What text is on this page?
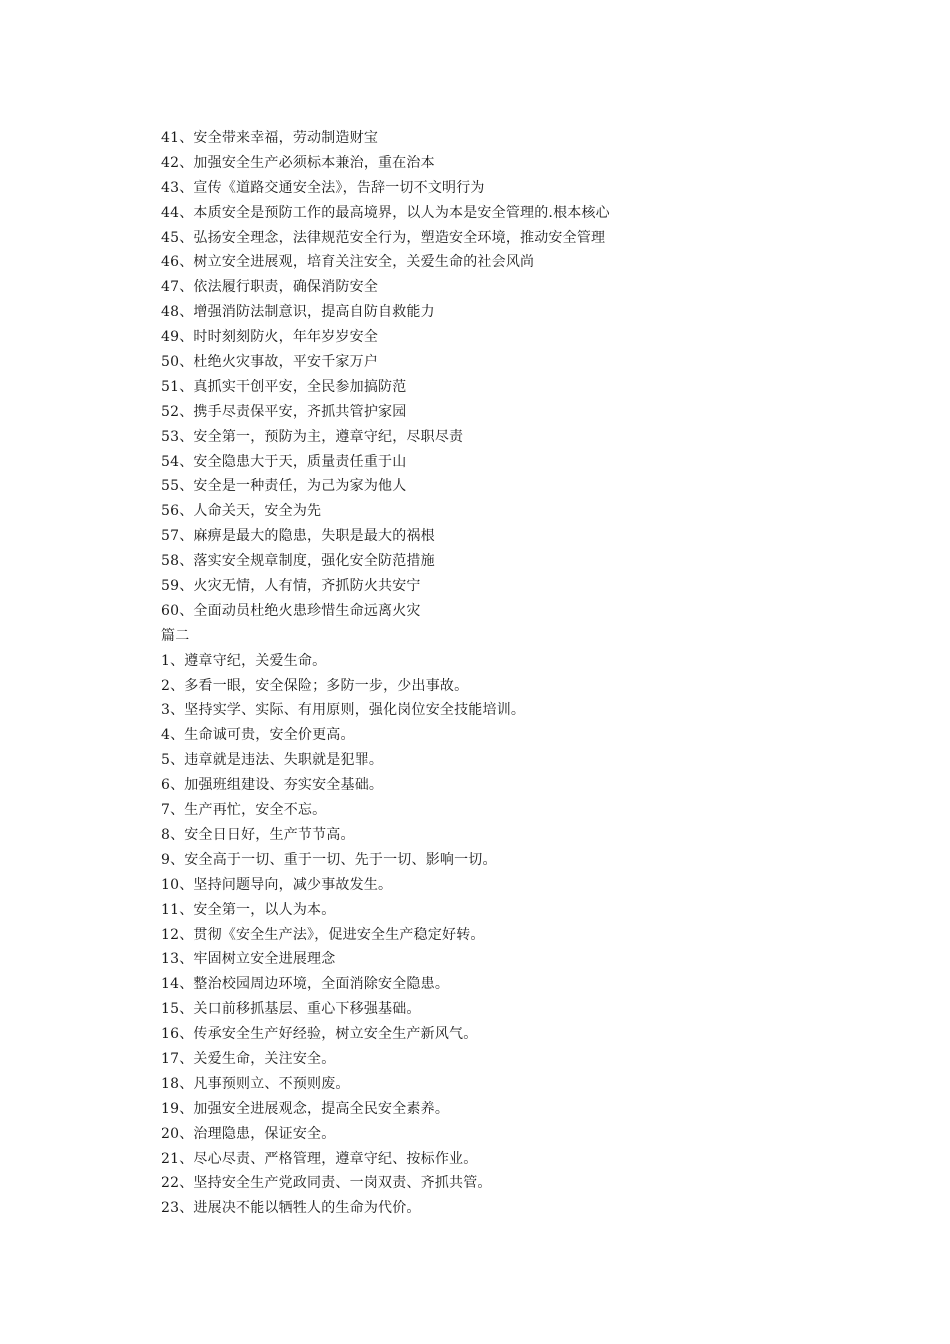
41、安全带来幸福，劳动制造财宝
42、加强安全生产必须标本兼治，重在治本
43、宣传《道路交通安全法》，告辞一切不文明行为
44、本质安全是预防工作的最高境界，以人为本是安全管理的.根本核心
45、弘扬安全理念，法律规范安全行为，塑造安全环境，推动安全管理
46、树立安全进展观，培育关注安全，关爱生命的社会风尚
47、依法履行职责，确保消防安全
48、增强消防法制意识，提高自防自救能力
49、时时刻刻防火，年年岁岁安全
50、杜绝火灾事故，平安千家万户
51、真抓实干创平安，全民参加搞防范
52、携手尽责保平安，齐抓共管护家园
53、安全第一，预防为主，遵章守纪，尽职尽责
54、安全隐患大于天，质量责任重于山
55、安全是一种责任，为己为家为他人
56、人命关天，安全为先
57、麻痹是最大的隐患，失职是最大的祸根
58、落实安全规章制度，强化安全防范措施
59、火灾无情，人有情，齐抓防火共安宁
60、全面动员杜绝火患珍惜生命远离火灾
篇二
1、遵章守纪，关爱生命。
2、多看一眼，安全保险；多防一步，少出事故。
3、坚持实学、实际、有用原则，强化岗位安全技能培训。
4、生命诚可贵，安全价更高。
5、违章就是违法、失职就是犯罪。
6、加强班组建设、夯实安全基础。
7、生产再忙，安全不忘。
8、安全日日好，生产节节高。
9、安全高于一切、重于一切、先于一切、影响一切。
10、坚持问题导向，减少事故发生。
11、安全第一，以人为本。
12、贯彻《安全生产法》，促进安全生产稳定好转。
13、牢固树立安全进展理念
14、整治校园周边环境，全面消除安全隐患。
15、关口前移抓基层、重心下移强基础。
16、传承安全生产好经验，树立安全生产新风气。
17、关爱生命，关注安全。
18、凡事预则立、不预则废。
19、加强安全进展观念，提高全民安全素养。
20、治理隐患，保证安全。
21、尽心尽责、严格管理，遵章守纪、按标作业。
22、坚持安全生产党政同责、一岗双责、齐抓共管。
23、进展决不能以牺牲人的生命为代价。
